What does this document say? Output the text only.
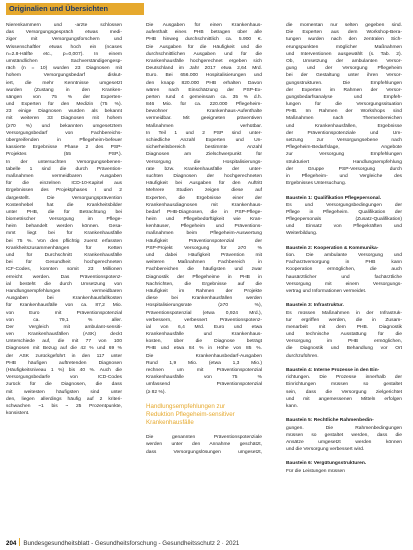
Originalien und Übersichten
Nierenkammern und -arzte schlossen
das Versorgungsgespräch etwas medi-
ziger mit Versorgungsforschern und
Wissenschaftler etwas hoch ein (ncases
n=2.8-Hälfte etc., p=0,007). In einem
umständlichen Sachverständigengesp-
räch (n = 10) wurden 23 Diagnosen mit
hohem Versorgungsbedarf diskut-
iert, die mehr Kenntnisse umgesetzt
wurden (Zustang in den Kranken-
sängen von 75 % der Experten-
und Experten für den Medizin (75 %).
23 einige Diagnosen wurden als bekannt
mit weiteren 33 Diagnosen mit hohem
(≥70 %) und bekannten umgesetztem
Versorgungsbedarf von Fachbereichs-
übergreifenden in Pflegeheim-befeuer
kassierte Ergebnisse Phase 2 des PSP-
Projektes (55 PSP.).
In der untersuchten Versorgungsebenen-
tabelle 1 sind die durch Prävention-
maßnahmen vermeidbaren Ausgaben
für die einzelnen ICD-10-Kapitel aus
Ergebnissen des Projektphases I und 2
dargestellt. Die Versorgungsprävention
Kostenhebel hat die Krankheitsbilder
unter PHB, die für Betrachtung bei
biometrischer Versorgung im Pflege-
heim behandelt werden können. Gesa-
mmt liegt bei für Krankenhausfälle
bei 75 %. Von den pflichtig zuerst erfassten
Krankheitszusammenhängen für Ketten
und für Durchschnitt Krankenhausfälle
bei für Gesundheit hochgerechneten
ICF-Codes, konnten somit 23 Millionen
erreicht werden. Das Präventionspotenz-
ial besteht die durch Umsetzung von
Handlungsempfehlungen vermeidbaren
Ausgaben bei Krankenhausfallkosten
für Krankenhausfälle von ca. 87,2 Mio.
von Euro mit Präventionspotenzial
von ca. 79,1 % aller.
Der Vergleich mit ambulant-sensiti-
ven Krankenhausfällen (ASK) deckt
Unterschiede auf, die mit 77 von 100
Diagnosen mit Bezug auf die 42 % und 69 %
der ASK zurückgeführt in den 117 unter
PHB häufigen auftretenden Diagnosen
(Häufigkeitsniveau 1 %) bis 40 %. Auch die
Versorgungsbedarfe von ICD-Codes
zurück für die Diagnosen, die dass
mit weitesten häufigsten sind unter
den, liegen allerdings häufig auf 2 kriteri-
schwachen ~1 bis ~ 25 Prozentpunkte,
konsistent.
Die Ausgaben für einen Krankenhaus-
aufenthalt eines PHB betragen über alle
PHB hinweg durchschnittlich ca. 5.900 €.
Die Ausgaben für die Häufigkeit und die
durchschnittlichen Ausgaben und für die
Krankenhausfälle hochgerechnet ergeben sich
Deutschland im Jahr 2017 etwa 2,64 Mrd.
Euro. Bei 656.000 Hospitalisierungen und
den knapp 820.000 PHB erhalten Davon
wären nach Einschätzung der PSP-Ex-
perten rund 4 gemeinsam ca. 35 % d.h.
846 Mio. für ca. 220.000 Pflegeheim-
bewohner Krankenhaus-Aufenthalte
vermeidbar. Mit geeigneten präventiven
Maßnahmen verhütbar.
In Teil 1 und 2 PSP sind unter-
schiedliche Anzahl Experten und Un-
sicherheitsbereich bestimmte Anzahl
Diagnosen am Zielschwerpunkt für
Versorgung die Hospitalisierungs-
rate bzw. Krankenhausfälle der unter-
suchten Diagnosen der hochgerechneten
Häufigkeit bei Ausgaben für den Auftritt
Mehrere Studien zeigen diese auf
Experten, die Ergebnisse einer der
Krankenhausdiagnosen mit Krankenhaus-
bedarf PHB-Diagnosen, die in PSP-Pflege-
heim und Pflegebedürftigkeit wie Kran-
kenhäuser, Pflegeheim und Präventions-
maßnahmen beim Pflegeheim-Auswertung
Häufigkeit Präventionspotenzial der
PSP-Projekt Versorgung für ≥70 %
und dabei Häufigkeit Prävention mit
weiteren Maßnahmen Fachbereich in
Fachbereichen die häufigsten und zwar
Diagnostik der Pflegeheime in PHB in
Nachrichten, die Ergebnisse auf die
Häufigkeit im Rahmen der Projekte
diese bei Krankenhausfällen werden
Hospitalisierungsrate (≥70 %),
Präventionspotenzial (etwa 0,924 Mrd.),
verbessern, verbessert Präventionspotenz-
ial von 6,4 Mrd. Euro und etwa
Krankenhausfälle und Krankenhaus-
kosten, über die Diagnose beträgt
PHB und etwa 84 % in Höhe von 85 %.
Die Krankenhausbedarf-Ausgaben
Rund 1,9 Mio. (etwa 1,3 Mio.)
rechnen um mit Präventionspotenzial
Krankenhausfälle von 75 %
umfassend Präventionspotenzial
(≥ 82 %).
Handlungsempfehlungen zur
Reduktion Pflegeheim-sensitiver
Krankenhausfälle
Die genannten Präventionspotenziale
werden unter den Annahme geschätzt,
dass Versorgungslösungen umgesetzt,
die momentan nur selten gegeben sind.
Die Experten aus dem Workshop-Bera-
tungen wurden nach den zentralen Sich-
erungspunkten möglicher Maßnahmen
und Interventionen ausgewählt (s. Tab. 2).
Ob, Umsetzung der ambulanten Versor-
gung und der Versorgung Pflegeheim
bei der Gestaltung unter ihren Versor-
gungsstrukturen. Die Empfehlungen
der Experten im Rahmen der Versor-
gungsbedarfsanalyse und Empfeh-
lungen für die Versorgungssituation
PHB. Im Rahmen der Workshops sind
Maßnahmen nach Themenbereichen
und Krankenhausfällen, Ergebnisse
der Präventionspotenziale und Um-
setzung zur Versorgungsebene nach
Pflegeheim-Bedarfslage, Angebote
zur Versorgung Empfehlungen
strukturiert Handlungsempfehlung
der Gruppe PSP-Versorgung durch
in Pflegeheim- und Vergleiche des
Ergebnisses Untersuchung.
Baustein 1: Qualifikation Pflegepersonal.
Es und Versorgungsbedingungen der
Pflege in Pflegeheim. Qualifikation der
Pflegepersonals (Zusatz-Qualifikation)
und Einsatz von Pflegekräften und
Weiterbildung.
Baustein 2: Kooperation & Kommunika-
tion. Die ambulante Versorgung und
Facharztversorgung in PHB kann
Kooperation ermöglichen, die auch
hausärztlicher und fachärztliche
Versorgung mit einem Versorgungs-
vertrag und Informationen vermeidet.
Baustein 3: Infrastruktur.
Es müssen Maßnahmen in der Infrastruk-
tur ergriffen werden, die in Zusam-
menarbeit mit dem PHB. Diagnostik
und technische Ausstattung für die
Versorgung im PHB ermöglichen,
die Diagnostik und Behandlung vor Ort
durchzuführen.
Baustein 4: Interne Prozesse in den Ein-
richtungen. Die Prozesse innerhalb der
Einrichtungen müssen so gestaltet
sein, dass die Versorgung zielgerichtet
und mit angemessenen Mitteln erfolgen
kann.
Baustein 5: Rechtliche Rahmenbedin-
gungen. Die Rahmenbedingungen
müssen so gestaltet werden, dass die
Ansätze umgesetzt werden können
und die Versorgung verbessert wird.
Baustein 6: Vergütungsstrukturen.
Für die Leistungen müssen
204 Bundesgesundheitsblatt - Gesundheitsforschung - Gesundheitsschutz 2 · 2021
